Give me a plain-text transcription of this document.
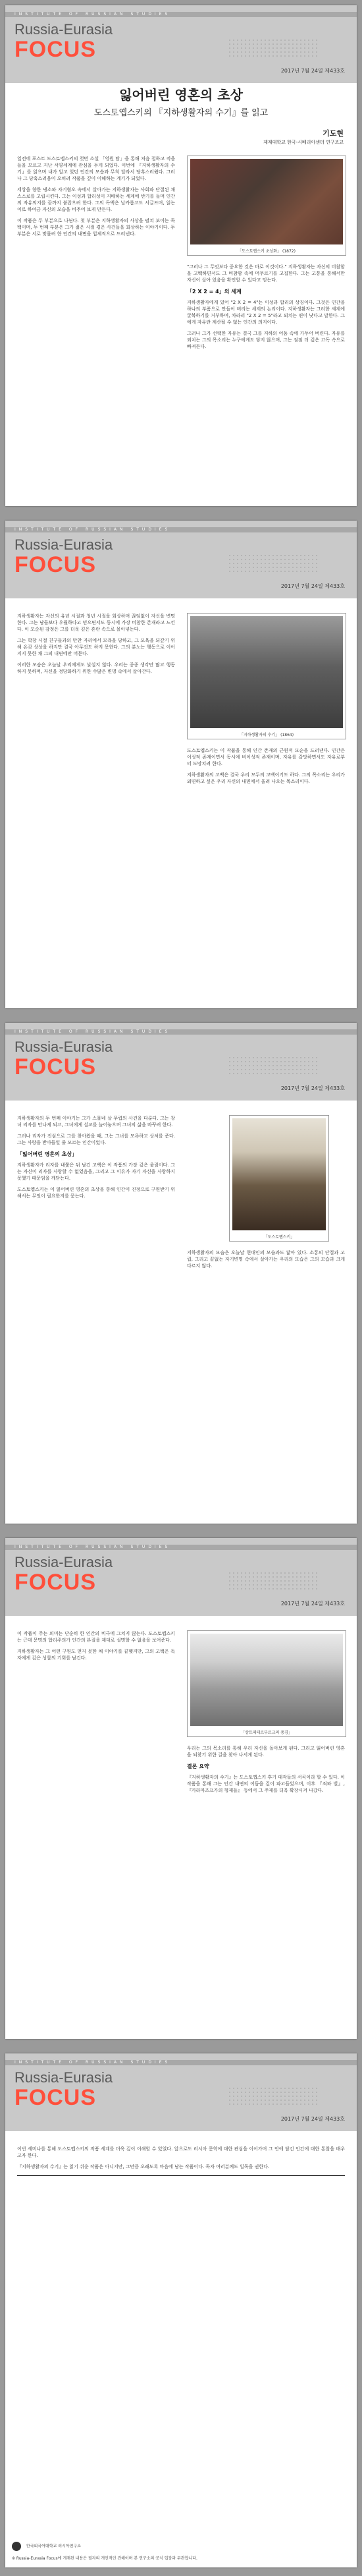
INSTITUTE OF RUSSIAN STUDIES
Russia-Eurasia
FOCUS
2017년 7월 24일 제433호
잃어버린 영혼의 초상
도스토옙스키의 『지하생활자의 수기』를 읽고
기도현
제제대학교 한국-시베리아센터 연구조교

일전에 포스트 도스토옙스키의 첫번 소설 「영원 탐」을 통해 처음 접하고 적을 들을 모르고 지난 서양세계에 관심을 두게 되었다. 이번에 『지하생활자의 수기』를 읽으며 내가 알고 있던 인간의 모습과 무척 달라서 당혹스러웠다. 그러나 그 당혹스러움이 오히려 작품을 깊이 이해하는 계기가 되었다.

세상을 향한 냉소와 자기혐오 속에서 살아가는 지하생활자는 사회와 단절된 채 스스로를 고립시킨다. 그는 이성과 합리성이 지배하는 세계에 반기를 들며 인간의 자유의지를 끝까지 붙잡으려 한다. 그의 독백은 날카롭고도 서글프며, 읽는 이로 하여금 자신의 모습을 비추어 보게 만든다.

이 작품은 두 부분으로 나뉜다. 첫 부분은 지하생활자의 사상을 펼쳐 보이는 독백이며, 두 번째 부분은 그가 젊은 시절 겪은 사건들을 회상하는 이야기이다. 두 부분은 서로 맞물려 한 인간의 내면을 입체적으로 드러낸다.

「도스토옙스키 초상화」 (1872)

"그러나 그 무엇보다 중요한 것은 바로 이것이다." 지하생활자는 자신의 비참함을 고백하면서도 그 비참함 속에 머무르기를 고집한다. 그는 고통을 통해서만 자신이 살아 있음을 확인할 수 있다고 믿는다.

「2 X 2 = 4」의 세계

지하생활자에게 있어 "2 X 2 = 4"는 이성과 합리의 상징이다. 그것은 인간을 하나의 부품으로 만들어 버리는 세계의 논리이다. 지하생활자는 그러한 세계에 굴복하기를 거부하며, 차라리 "2 X 2 = 5"라고 외치는 편이 낫다고 말한다. 그에게 자유란 계산될 수 없는 인간의 의지이다.

그러나 그가 선택한 자유는 결국 그를 지하의 어둠 속에 가두어 버린다. 자유를 외치는 그의 목소리는 누구에게도 닿지 않으며, 그는 점점 더 깊은 고독 속으로 빠져든다.

INSTITUTE OF RUSSIAN STUDIES
Russia-Eurasia
FOCUS
2017년 7월 24일 제433호

지하생활자는 자신의 유년 시절과 청년 시절을 회상하며 끊임없이 자신을 변명한다. 그는 남들보다 우월하다고 믿으면서도 동시에 가장 비참한 존재라고 느낀다. 이 모순된 감정은 그를 더욱 깊은 혼란 속으로 몰아넣는다.

그는 학창 시절 친구들과의 만찬 자리에서 모욕을 당하고, 그 모욕을 되갚기 위해 온갖 상상을 하지만 결국 아무것도 하지 못한다. 그의 분노는 행동으로 이어지지 못한 채 그의 내면에만 머문다.

이러한 모습은 오늘날 우리에게도 낯설지 않다. 우리는 종종 생각만 많고 행동하지 못하며, 자신을 정당화하기 위한 수많은 변명 속에서 살아간다.

「지하생활자의 수기」 (1864)

도스토옙스키는 이 작품을 통해 인간 존재의 근원적 모순을 드러낸다. 인간은 이성적 존재이면서 동시에 비이성적 존재이며, 자유를 갈망하면서도 자유로부터 도망치려 한다.

지하생활자의 고백은 결국 우리 모두의 고백이기도 하다. 그의 목소리는 우리가 외면하고 싶은 우리 자신의 내면에서 울려 나오는 목소리이다.

INSTITUTE OF RUSSIAN STUDIES
Russia-Eurasia
FOCUS
2017년 7월 24일 제433호

지하생활자의 두 번째 이야기는 그가 스물네 살 무렵의 사건을 다룬다. 그는 창녀 리자를 만나게 되고, 그녀에게 설교를 늘어놓으며 그녀의 삶을 바꾸려 한다.

그러나 리자가 진심으로 그를 찾아왔을 때, 그는 그녀를 모욕하고 상처를 준다. 그는 사랑을 받아들일 줄 모르는 인간이었다.

「잃어버린 영혼의 초상」

지하생활자가 리자를 내쫓은 뒤 남긴 고백은 이 작품의 가장 깊은 울림이다. 그는 자신이 리자를 사랑할 수 없었음을, 그리고 그 이유가 자기 자신을 사랑하지 못했기 때문임을 깨닫는다.

도스토옙스키는 이 잃어버린 영혼의 초상을 통해 인간이 진정으로 구원받기 위해서는 무엇이 필요한지를 묻는다.

「도스토옙스키」

지하생활자의 모습은 오늘날 현대인의 모습과도 닮아 있다. 소통의 단절과 고립, 그리고 끝없는 자기변명 속에서 살아가는 우리의 모습은 그의 모습과 크게 다르지 않다.

INSTITUTE OF RUSSIAN STUDIES
Russia-Eurasia
FOCUS
2017년 7월 24일 제433호

이 작품이 주는 의미는 단순히 한 인간의 비극에 그치지 않는다. 도스토옙스키는 근대 문명의 합리주의가 인간의 본질을 제대로 설명할 수 없음을 보여준다.

지하생활자는 그 어떤 구원도 얻지 못한 채 이야기를 끝맺지만, 그의 고백은 독자에게 깊은 성찰의 기회를 남긴다.

「상트페테르부르크의 풍경」

우리는 그의 목소리를 통해 우리 자신을 돌아보게 된다. 그리고 잃어버린 영혼을 되찾기 위한 길을 찾아 나서게 된다.

결론 요약

『지하생활자의 수기』는 도스토옙스키 후기 대작들의 서곡이라 할 수 있다. 이 작품을 통해 그는 인간 내면의 어둠을 깊이 파고들었으며, 이후 『죄와 벌』, 『카라마조프가의 형제들』 등에서 그 주제를 더욱 확장시켜 나갔다.

INSTITUTE OF RUSSIAN STUDIES
Russia-Eurasia
FOCUS
2017년 7월 24일 제433호

이번 세미나를 통해 도스토옙스키의 작품 세계를 더욱 깊이 이해할 수 있었다. 앞으로도 러시아 문학에 대한 관심을 이어가며 그 안에 담긴 인간에 대한 통찰을 배우고자 한다.

『지하생활자의 수기』는 읽기 쉬운 작품은 아니지만, 그만큼 오래도록 마음에 남는 작품이다. 독자 여러분께도 일독을 권한다.

한국외국어대학교 러시아연구소
※ Russia-Eurasia Focus에 게재된 내용은 필자의 개인적인 견해이며 본 연구소의 공식 입장과 무관합니다.
